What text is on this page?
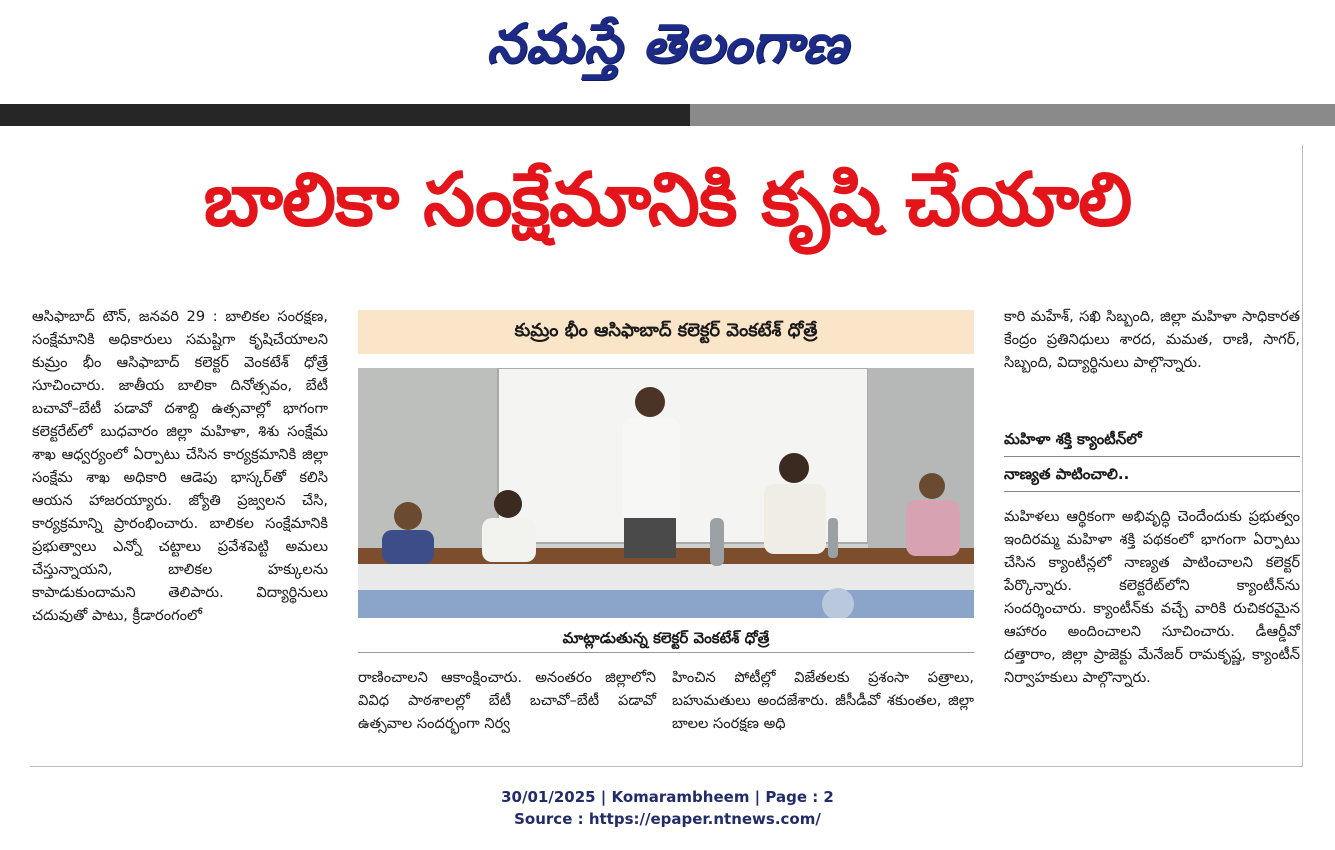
నమస్తే తెలంగాణ
బాలికా సంక్షేమానికి కృషి చేయాలి

ఆసిఫాబాద్ టౌన్, జనవరి 29 : బాలికల సంరక్షణ, సంక్షేమానికి అధికారులు సమష్టిగా కృషిచేయాలని కుమ్రం భీం ఆసిఫాబాద్ కలెక్టర్ వెంకటేశ్ ధోత్రే సూచించారు. జాతీయ బాలికా దినోత్సవం, బేటీ బచావో–బేటీ పడావో దశాబ్ది ఉత్సవాల్లో భాగంగా కలెక్టరేట్‌లో బుధవారం జిల్లా మహిళా, శిశు సంక్షేమ శాఖ ఆధ్వర్యంలో ఏర్పాటు చేసిన కార్యక్రమానికి జిల్లా సంక్షేమ శాఖ అధికారి ఆడెపు భాస్కర్‌తో కలిసి ఆయన హాజరయ్యారు. జ్యోతి ప్రజ్వలన చేసి, కార్యక్రమాన్ని ప్రారంభించారు. బాలికల సంక్షేమానికి ప్రభుత్వాలు ఎన్నో చట్టాలు ప్రవేశపెట్టి అమలు చేస్తున్నాయని, బాలికల హక్కులను కాపాడుకుందామని తెలిపారు. విద్యార్థినులు చదువుతో పాటు, క్రీడారంగంలో

కుమ్రం భీం ఆసిఫాబాద్ కలెక్టర్ వెంకటేశ్ ధోత్రే
మాట్లాడుతున్న కలెక్టర్ వెంకటేశ్ ధోత్రే

రాణించాలని ఆకాంక్షించారు. అనంతరం జిల్లాలోని వివిధ పాఠశాలల్లో బేటీ బచావో–బేటీ పడావో ఉత్సవాల సందర్భంగా నిర్వ

హించిన పోటీల్లో విజేతలకు ప్రశంసా పత్రాలు, బహుమతులు అందజేశారు. జీసీడీవో శకుంతల, జిల్లా బాలల సంరక్షణ అధి

కారి మహేశ్, సఖి సిబ్బంది, జిల్లా మహిళా సాధికారత కేంద్రం ప్రతినిధులు శారద, మమత, రాణి, సాగర్, సిబ్బంది, విద్యార్థినులు పాల్గొన్నారు.

మహిళా శక్తి క్యాంటీన్‌లో
నాణ్యత పాటించాలి..

మహిళలు ఆర్థికంగా అభివృద్ధి చెందేందుకు ప్రభుత్వం ఇందిరమ్మ మహిళా శక్తి పథకంలో భాగంగా ఏర్పాటు చేసిన క్యాంటీన్లలో నాణ్యత పాటించాలని కలెక్టర్ పేర్కొన్నారు. కలెక్టరేట్‌లోని క్యాంటీన్‌ను సందర్శించారు. క్యాంటీన్‌కు వచ్చే వారికి రుచికరమైన ఆహారం అందించాలని సూచించారు. డీఆర్డీవో దత్తారాం, జిల్లా ప్రాజెక్టు మేనేజర్ రామకృష్ణ, క్యాంటీన్ నిర్వాహకులు పాల్గొన్నారు.

30/01/2025 | Komarambheem | Page : 2
Source : https://epaper.ntnews.com/
